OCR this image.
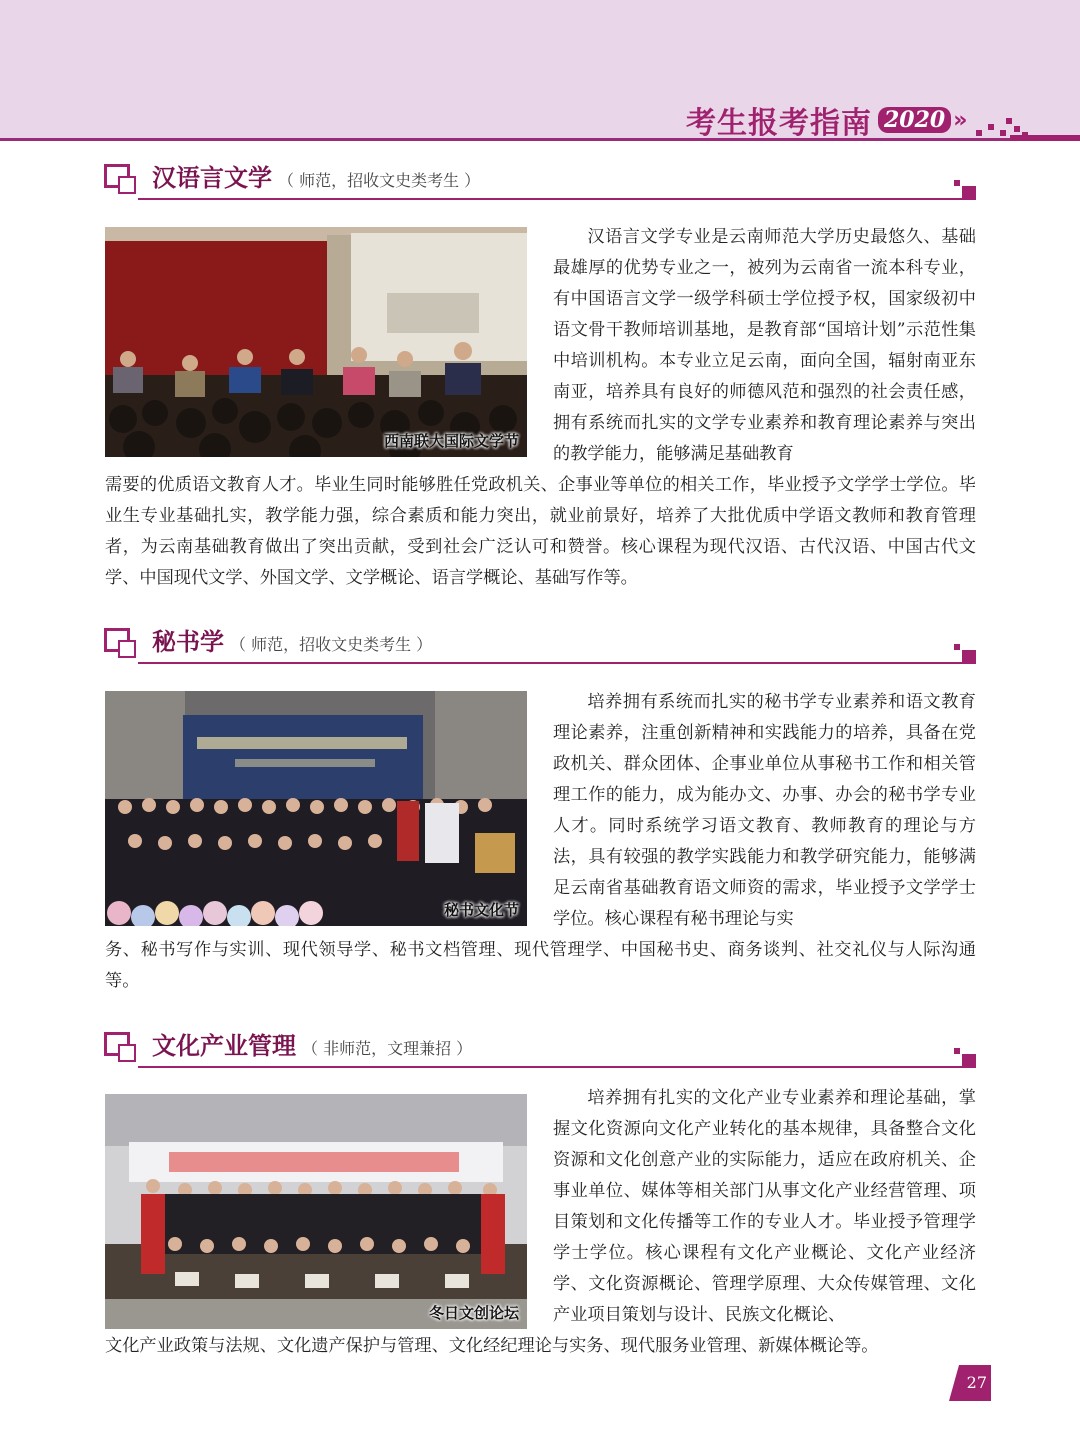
考生报考指南 2020 »
汉语言文学 （ 师范，招收文史类考生 ）
西南联大国际文学节
汉语言文学专业是云南师范大学历史最悠久、基础最雄厚的优势专业之一，被列为云南省一流本科专业，有中国语言文学一级学科硕士学位授予权，国家级初中语文骨干教师培训基地，是教育部“国培计划”示范性集中培训机构。本专业立足云南，面向全国，辐射南亚东南亚，培养具有良好的师德风范和强烈的社会责任感，拥有系统而扎实的文学专业素养和教育理论素养与突出的教学能力，能够满足基础教育
需要的优质语文教育人才。毕业生同时能够胜任党政机关、企事业等单位的相关工作，毕业授予文学学士学位。毕业生专业基础扎实，教学能力强，综合素质和能力突出，就业前景好，培养了大批优质中学语文教师和教育管理者，为云南基础教育做出了突出贡献，受到社会广泛认可和赞誉。核心课程为现代汉语、古代汉语、中国古代文学、中国现代文学、外国文学、文学概论、语言学概论、基础写作等。
秘书学 （ 师范，招收文史类考生 ）
秘书文化节
培养拥有系统而扎实的秘书学专业素养和语文教育理论素养，注重创新精神和实践能力的培养，具备在党政机关、群众团体、企事业单位从事秘书工作和相关管理工作的能力，成为能办文、办事、办会的秘书学专业人才。同时系统学习语文教育、教师教育的理论与方法，具有较强的教学实践能力和教学研究能力，能够满足云南省基础教育语文师资的需求，毕业授予文学学士学位。核心课程有秘书理论与实
务、秘书写作与实训、现代领导学、秘书文档管理、现代管理学、中国秘书史、商务谈判、社交礼仪与人际沟通等。
文化产业管理 （ 非师范，文理兼招 ）
冬日文创论坛
培养拥有扎实的文化产业专业素养和理论基础，掌握文化资源向文化产业转化的基本规律，具备整合文化资源和文化创意产业的实际能力，适应在政府机关、企事业单位、媒体等相关部门从事文化产业经营管理、项目策划和文化传播等工作的专业人才。毕业授予管理学学士学位。核心课程有文化产业概论、文化产业经济学、文化资源概论、管理学原理、大众传媒管理、文化产业项目策划与设计、民族文化概论、
文化产业政策与法规、文化遗产保护与管理、文化经纪理论与实务、现代服务业管理、新媒体概论等。
27
